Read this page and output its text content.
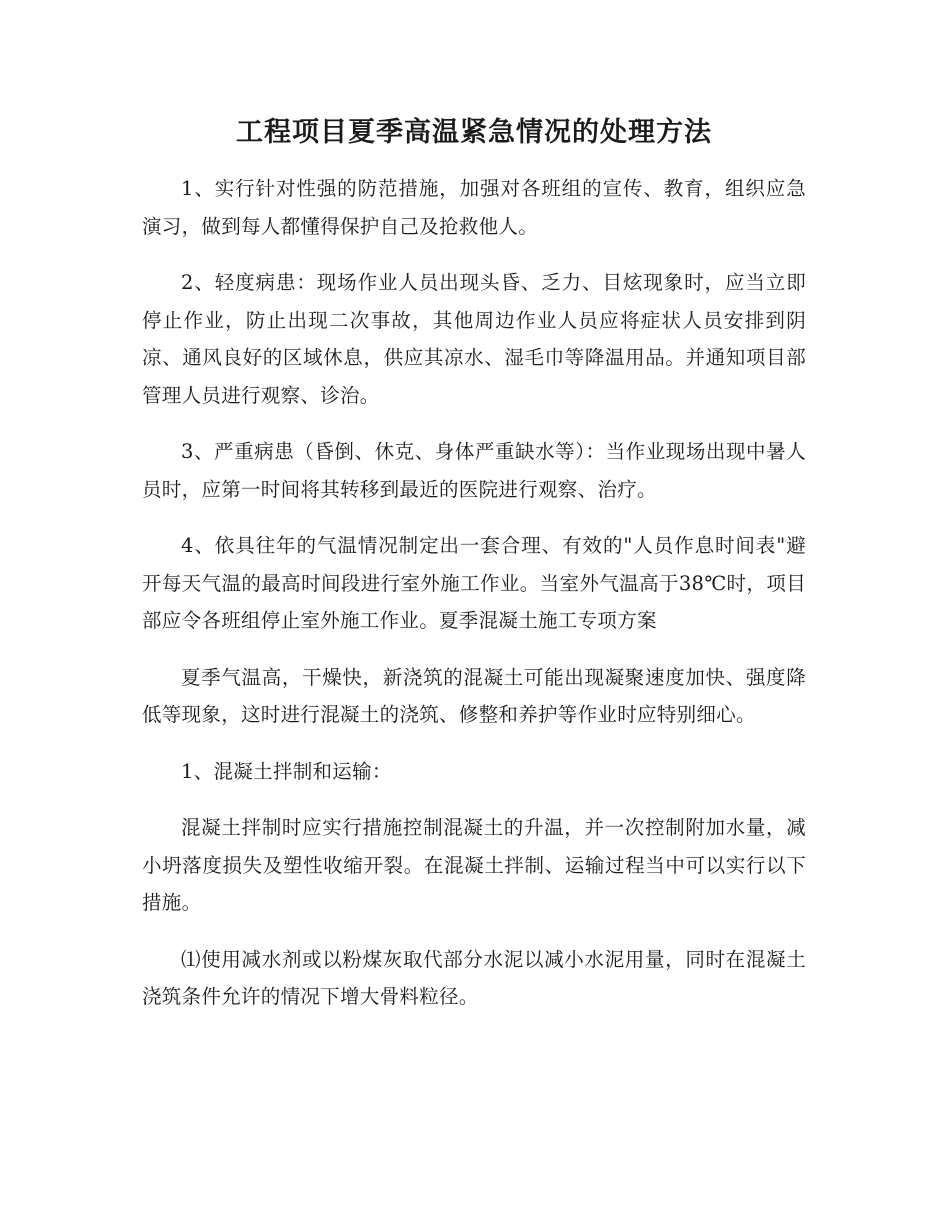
工程项目夏季高温紧急情况的处理方法

1、实行针对性强的防范措施，加强对各班组的宣传、教育，组织应急演习，做到每人都懂得保护自己及抢救他人。

2、轻度病患：现场作业人员出现头昏、乏力、目炫现象时，应当立即停止作业，防止出现二次事故，其他周边作业人员应将症状人员安排到阴凉、通风良好的区域休息，供应其凉水、湿毛巾等降温用品。并通知项目部管理人员进行观察、诊治。

3、严重病患（昏倒、休克、身体严重缺水等）：当作业现场出现中暑人员时，应第一时间将其转移到最近的医院进行观察、治疗。

4、依具往年的气温情况制定出一套合理、有效的"人员作息时间表"避开每天气温的最高时间段进行室外施工作业。当室外气温高于38℃时，项目部应令各班组停止室外施工作业。夏季混凝土施工专项方案

夏季气温高，干燥快，新浇筑的混凝土可能出现凝聚速度加快、强度降低等现象，这时进行混凝土的浇筑、修整和养护等作业时应特别细心。

1、混凝土拌制和运输：

混凝土拌制时应实行措施控制混凝土的升温，并一次控制附加水量，减小坍落度损失及塑性收缩开裂。在混凝土拌制、运输过程当中可以实行以下措施。

⑴使用减水剂或以粉煤灰取代部分水泥以减小水泥用量，同时在混凝土浇筑条件允许的情况下增大骨料粒径。
